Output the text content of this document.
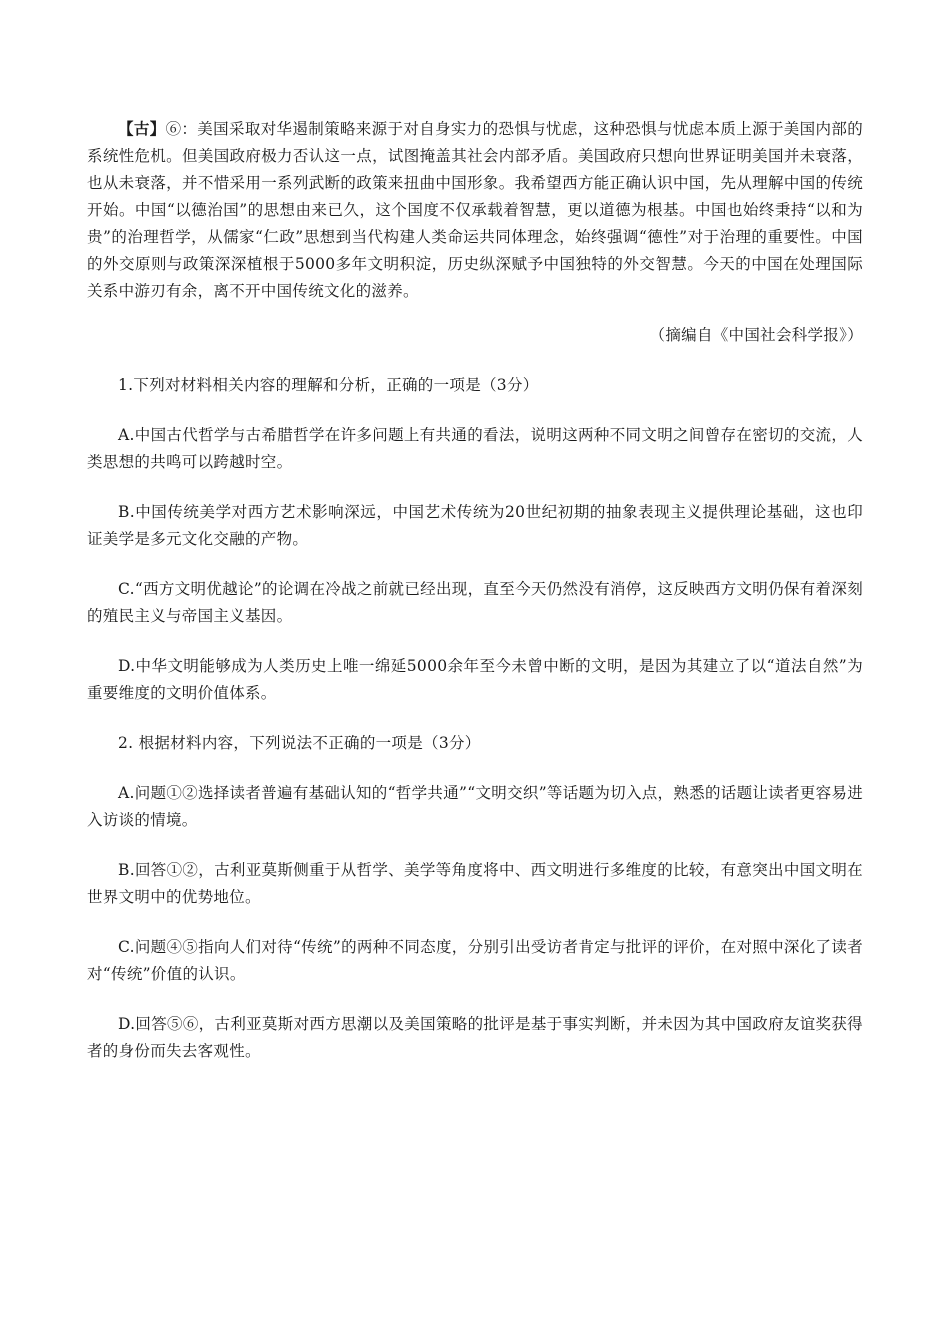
【古】⑥：美国采取对华遏制策略来源于对自身实力的恐惧与忧虑，这种恐惧与忧虑本质上源于美国内部的系统性危机。但美国政府极力否认这一点，试图掩盖其社会内部矛盾。美国政府只想向世界证明美国并未衰落，也从未衰落，并不惜采用一系列武断的政策来扭曲中国形象。我希望西方能正确认识中国，先从理解中国的传统开始。中国“以德治国”的思想由来已久，这个国度不仅承载着智慧，更以道德为根基。中国也始终秉持“以和为贵”的治理哲学，从儒家“仁政”思想到当代构建人类命运共同体理念，始终强调“德性”对于治理的重要性。中国的外交原则与政策深深植根于5000多年文明积淀，历史纵深赋予中国独特的外交智慧。今天的中国在处理国际关系中游刃有余，离不开中国传统文化的滋养。

（摘编自《中国社会科学报》）

1.下列对材料相关内容的理解和分析，正确的一项是（3分）

A.中国古代哲学与古希腊哲学在许多问题上有共通的看法，说明这两种不同文明之间曾存在密切的交流，人类思想的共鸣可以跨越时空。

B.中国传统美学对西方艺术影响深远，中国艺术传统为20世纪初期的抽象表现主义提供理论基础，这也印证美学是多元文化交融的产物。

C.“西方文明优越论”的论调在冷战之前就已经出现，直至今天仍然没有消停，这反映西方文明仍保有着深刻的殖民主义与帝国主义基因。

D.中华文明能够成为人类历史上唯一绵延5000余年至今未曾中断的文明，是因为其建立了以“道法自然”为重要维度的文明价值体系。

2. 根据材料内容，下列说法不正确的一项是（3分）

A.问题①②选择读者普遍有基础认知的“哲学共通”“文明交织”等话题为切入点，熟悉的话题让读者更容易进入访谈的情境。

B.回答①②，古利亚莫斯侧重于从哲学、美学等角度将中、西文明进行多维度的比较，有意突出中国文明在世界文明中的优势地位。

C.问题④⑤指向人们对待“传统”的两种不同态度，分别引出受访者肯定与批评的评价，在对照中深化了读者对“传统”价值的认识。

D.回答⑤⑥，古利亚莫斯对西方思潮以及美国策略的批评是基于事实判断，并未因为其中国政府友谊奖获得者的身份而失去客观性。
